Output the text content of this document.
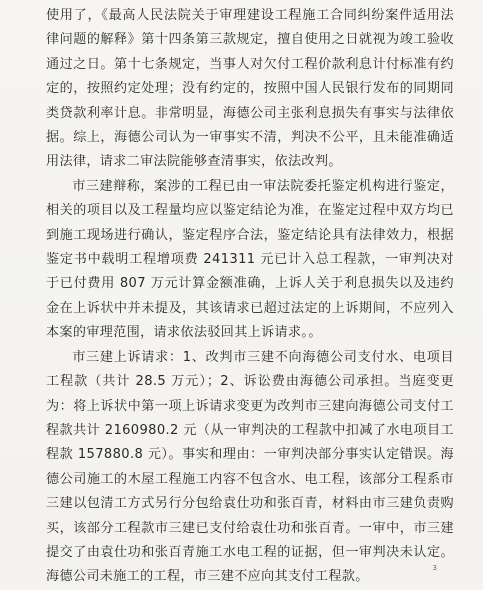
使用了，《最高人民法院关于审理建设工程施工合同纠纷案件适用法律问题的解释》第十四条第三款规定，擅自使用之日就视为竣工验收通过之日。第十七条规定，当事人对欠付工程价款利息计付标准有约定的，按照约定处理；没有约定的，按照中国人民银行发布的同期同类贷款利率计息。非常明显，海德公司主张利息损失有事实与法律依据。综上，海德公司认为一审事实不清，判决不公平，且未能准确适用法律，请求二审法院能够查清事实，依法改判。

市三建辩称，案涉的工程已由一审法院委托鉴定机构进行鉴定，相关的项目以及工程量均应以鉴定结论为准，在鉴定过程中双方均已到施工现场进行确认，鉴定程序合法，鉴定结论具有法律效力，根据鉴定书中载明工程增项费 241311 元已计入总工程款，一审判决对于已付费用 807 万元计算金额准确，上诉人关于利息损失以及违约金在上诉状中并未提及，其该请求已超过法定的上诉期间，不应列入本案的审理范围，请求依法驳回其上诉请求。。

市三建上诉请求：1、改判市三建不向海德公司支付水、电项目工程款（共计 28.5 万元）；2、诉讼费由海德公司承担。当庭变更为：将上诉状中第一项上诉请求变更为改判市三建向海德公司支付工程款共计 2160980.2 元（从一审判决的工程款中扣减了水电项目工程款 157880.8 元）。事实和理由：一审判决部分事实认定错误。海德公司施工的木屋工程施工内容不包含水、电工程，该部分工程系市三建以包清工方式另行分包给袁仕功和张百青，材料由市三建负责购买，该部分工程款市三建已支付给袁仕功和张百青。一审中，市三建提交了由袁仕功和张百青施工水电工程的证据，但一审判决未认定。海德公司未施工的工程，市三建不应向其支付工程款。

3
